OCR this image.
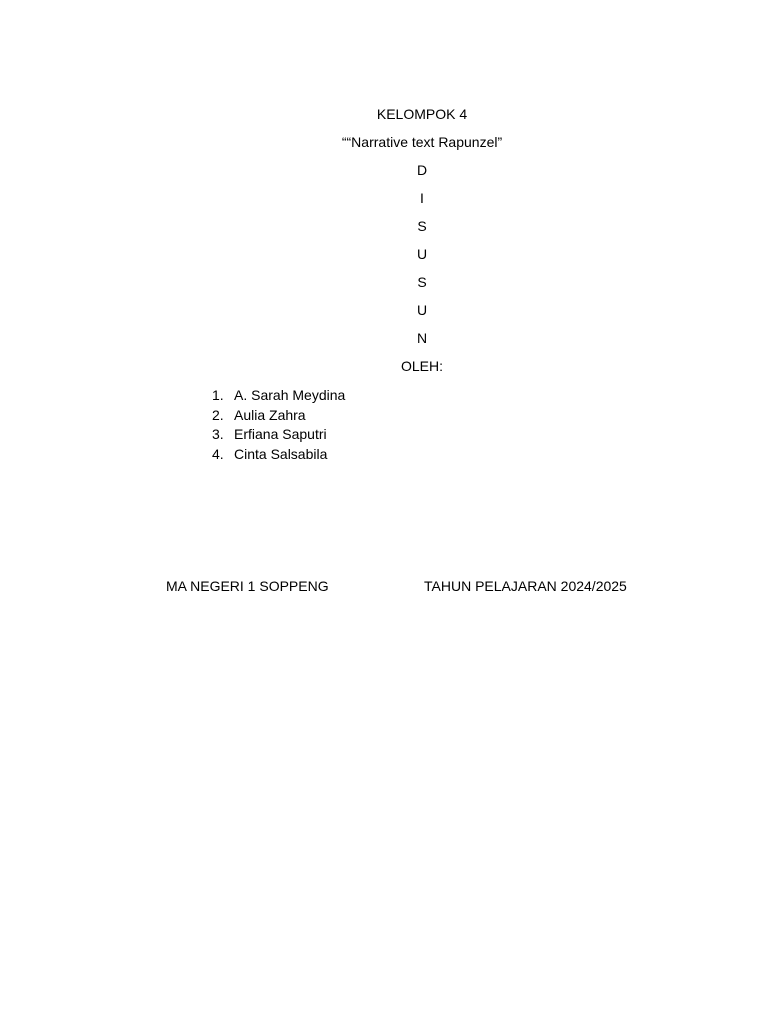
KELOMPOK 4
““Narrative text Rapunzel”
D
I
S
U
S
U
N
OLEH:
1. A. Sarah Meydina
2. Aulia Zahra
3. Erfiana Saputri
4. Cinta Salsabila
MA NEGERI 1 SOPPENG	TAHUN PELAJARAN 2024/2025
